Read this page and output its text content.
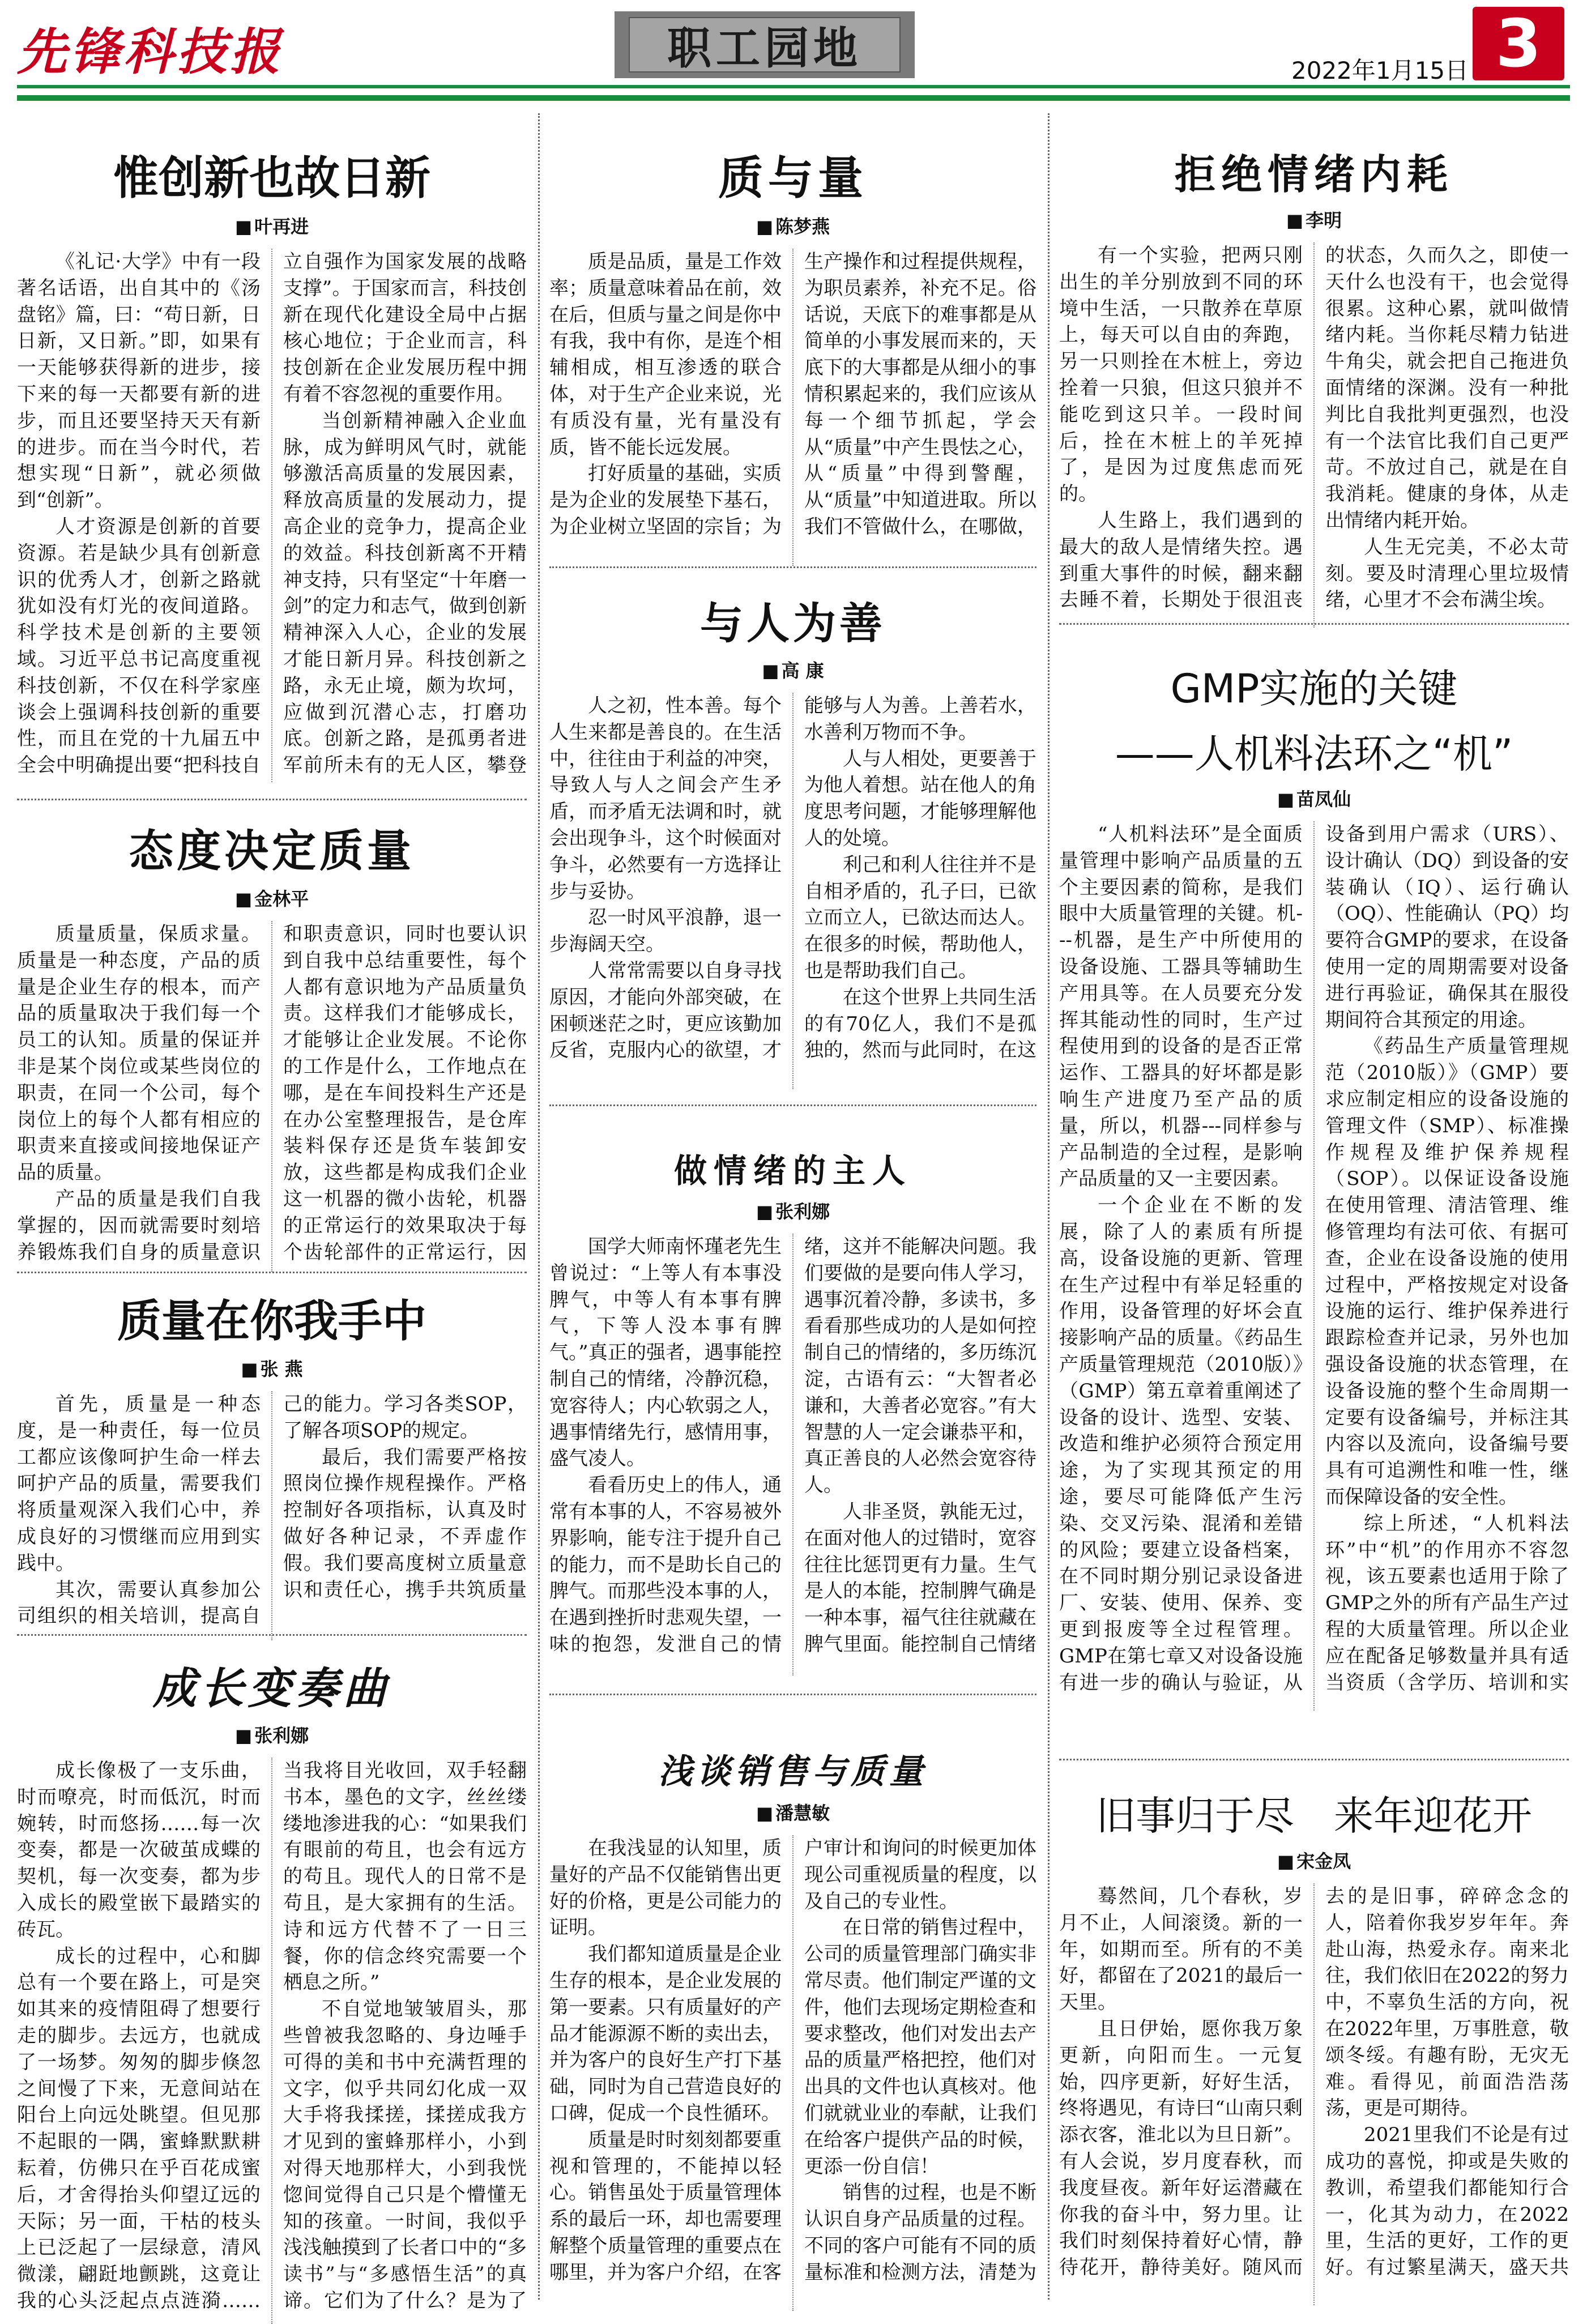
先锋科技报	职工园地	2022年1月15日 3
惟创新也故日新
■ 叶再进

《礼记·大学》中有一段著名话语，出自其中的《汤盘铭》篇，曰：“苟日新，日日新，又日新。”即，如果有一天能够获得新的进步，接下来的每一天都要有新的进步，而且还要坚持天天有新的进步。而在当今时代，若想实现“日新”，就必须做到“创新”。

人才资源是创新的首要资源。若是缺少具有创新意识的优秀人才，创新之路就犹如没有灯光的夜间道路。科学技术是创新的主要领域。习近平总书记高度重视科技创新，不仅在科学家座谈会上强调科技创新的重要性，而且在党的十九届五中全会中明确提出要“把科技自立自强作为国家发展的战略支撑”。于国家而言，科技创新在现代化建设全局中占据核心地位；于企业而言，科技创新在企业发展历程中拥有着不容忽视的重要作用。

当创新精神融入企业血脉，成为鲜明风气时，就能够激活高质量的发展因素，释放高质量的发展动力，提高企业的竞争力，提高企业的效益。科技创新离不开精神支持，只有坚定“十年磨一剑”的定力和志气，做到创新精神深入人心，企业的发展才能日新月异。科技创新之路，永无止境，颇为坎坷，应做到沉潜心志，打磨功底。创新之路，是孤勇者进军前所未有的无人区，攀登

态度决定质量
■ 金林平

质量质量，保质求量。质量是一种态度，产品的质量是企业生存的根本，而产品的质量取决于我们每一个员工的认知。质量的保证并非是某个岗位或某些岗位的职责，在同一个公司，每个岗位上的每个人都有相应的职责来直接或间接地保证产品的质量。

产品的质量是我们自我掌握的，因而就需要时刻培养锻炼我们自身的质量意识和职责意识，同时也要认识到自我中总结重要性，每个人都有意识地为产品质量负责。这样我们才能够成长，才能够让企业发展。不论你的工作是什么，工作地点在哪，是在车间投料生产还是在办公室整理报告，是仓库装料保存还是货车装卸安放，这些都是构成我们企业这一机器的微小齿轮，机器的正常运行的效果取决于每个齿轮部件的正常运行，因

质量在你我手中
■ 张 燕

首先，质量是一种态度，是一种责任，每一位员工都应该像呵护生命一样去呵护产品的质量，需要我们将质量观深入我们心中，养成良好的习惯继而应用到实践中。

其次，需要认真参加公司组织的相关培训，提高自己的能力。学习各类SOP，了解各项SOP的规定。

最后，我们需要严格按照岗位操作规程操作。严格控制好各项指标，认真及时做好各种记录，不弄虚作假。我们要高度树立质量意识和责任心，携手共筑质量

成长变奏曲
■ 张利娜

成长像极了一支乐曲，时而嘹亮，时而低沉，时而婉转，时而悠扬……每一次变奏，都是一次破茧成蝶的契机，每一次变奏，都为步入成长的殿堂嵌下最踏实的砖瓦。

成长的过程中，心和脚总有一个要在路上，可是突如其来的疫情阻碍了想要行走的脚步。去远方，也就成了一场梦。匆匆的脚步倏忽之间慢了下来，无意间站在阳台上向远处眺望。但见那不起眼的一隅，蜜蜂默默耕耘着，仿佛只在乎百花成蜜后，才舍得抬头仰望辽远的天际；另一面，干枯的枝头上已泛起了一层绿意，清风微漾，翩跹地颤跳，这竟让我的心头泛起点点涟漪……当我将目光收回，双手轻翻书本，墨色的文字，丝丝缕缕地渗进我的心：“如果我们有眼前的苟且，也会有远方的苟且。现代人的日常不是苟且，是大家拥有的生活。诗和远方代替不了一日三餐，你的信念终究需要一个栖息之所。”

不自觉地皱皱眉头，那些曾被我忽略的、身边唾手可得的美和书中充满哲理的文字，似乎共同幻化成一双大手将我揉搓，揉搓成我方才见到的蜜蜂那样小，小到对得天地那样大，小到我恍惚间觉得自己只是个懵懂无知的孩童。一时间，我似乎浅浅触摸到了长者口中的“多读书”与“多感悟生活”的真谛。它们为了什么？是为了

质与量
■ 陈梦燕

质是品质，量是工作效率；质量意味着品在前，效在后，但质与量之间是你中有我，我中有你，是连个相辅相成，相互渗透的联合体，对于生产企业来说，光有质没有量，光有量没有质，皆不能长远发展。

打好质量的基础，实质是为企业的发展垫下基石，为企业树立坚固的宗旨；为生产操作和过程提供规程，为职员素养，补充不足。俗话说，天底下的难事都是从简单的小事发展而来的，天底下的大事都是从细小的事情积累起来的，我们应该从每一个细节抓起，学会从“质量”中产生畏怯之心，从“质量”中得到警醒，从“质量”中知道进取。所以我们不管做什么，在哪做，

与人为善
■ 高 康

人之初，性本善。每个人生来都是善良的。在生活中，往往由于利益的冲突，导致人与人之间会产生矛盾，而矛盾无法调和时，就会出现争斗，这个时候面对争斗，必然要有一方选择让步与妥协。

忍一时风平浪静，退一步海阔天空。

人常常需要以自身寻找原因，才能向外部突破，在困顿迷茫之时，更应该勤加反省，克服内心的欲望，才能够与人为善。上善若水，水善利万物而不争。

人与人相处，更要善于为他人着想。站在他人的角度思考问题，才能够理解他人的处境。

利己和利人往往并不是自相矛盾的，孔子曰，已欲立而立人，已欲达而达人。在很多的时候，帮助他人，也是帮助我们自己。

在这个世界上共同生活的有70亿人，我们不是孤独的，然而与此同时，在这

做情绪的主人
■ 张利娜

国学大师南怀瑾老先生曾说过：“上等人有本事没脾气，中等人有本事有脾气，下等人没本事有脾气。”真正的强者，遇事能控制自己的情绪，冷静沉稳，宽容待人；内心软弱之人，遇事情绪先行，感情用事，盛气凌人。

看看历史上的伟人，通常有本事的人，不容易被外界影响，能专注于提升自己的能力，而不是助长自己的脾气。而那些没本事的人，在遇到挫折时悲观失望，一味的抱怨，发泄自己的情绪，这并不能解决问题。我们要做的是要向伟人学习，遇事沉着冷静，多读书，多看看那些成功的人是如何控制自己的情绪的，多历练沉淀，古语有云：“大智者必谦和，大善者必宽容。”有大智慧的人一定会谦恭平和，真正善良的人必然会宽容待人。

人非圣贤，孰能无过，在面对他人的过错时，宽容往往比惩罚更有力量。生气是人的本能，控制脾气确是一种本事，福气往往就藏在脾气里面。能控制自己情绪

浅谈销售与质量
■ 潘慧敏

在我浅显的认知里，质量好的产品不仅能销售出更好的价格，更是公司能力的证明。

我们都知道质量是企业生存的根本，是企业发展的第一要素。只有质量好的产品才能源源不断的卖出去，并为客户的良好生产打下基础，同时为自己营造良好的口碑，促成一个良性循环。

质量是时时刻刻都要重视和管理的，不能掉以轻心。销售虽处于质量管理体系的最后一环，却也需要理解整个质量管理的重要点在哪里，并为客户介绍，在客户审计和询问的时候更加体现公司重视质量的程度，以及自己的专业性。

在日常的销售过程中，公司的质量管理部门确实非常尽责。他们制定严谨的文件，他们去现场定期检查和要求整改，他们对发出去产品的质量严格把控，他们对出具的文件也认真核对。他们就就业业的奉献，让我们在给客户提供产品的时候，更添一份自信！

销售的过程，也是不断认识自身产品质量的过程。不同的客户可能有不同的质量标准和检测方法，清楚为

拒绝情绪内耗
■ 李明

有一个实验，把两只刚出生的羊分别放到不同的环境中生活，一只散养在草原上，每天可以自由的奔跑，另一只则拴在木桩上，旁边拴着一只狼，但这只狼并不能吃到这只羊。一段时间后，拴在木桩上的羊死掉了，是因为过度焦虑而死的。

人生路上，我们遇到的最大的敌人是情绪失控。遇到重大事件的时候，翻来翻去睡不着，长期处于很沮丧的状态，久而久之，即使一天什么也没有干，也会觉得很累。这种心累，就叫做情绪内耗。当你耗尽精力钻进牛角尖，就会把自己拖进负面情绪的深渊。没有一种批判比自我批判更强烈，也没有一个法官比我们自己更严苛。不放过自己，就是在自我消耗。健康的身体，从走出情绪内耗开始。

人生无完美，不必太苛刻。要及时清理心里垃圾情绪，心里才不会布满尘埃。

GMP实施的关键
——人机料法环之“机”
■ 苗凤仙

“人机料法环”是全面质量管理中影响产品质量的五个主要因素的简称，是我们眼中大质量管理的关键。机---机器，是生产中所使用的设备设施、工器具等辅助生产用具等。在人员要充分发挥其能动性的同时，生产过程使用到的设备的是否正常运作、工器具的好坏都是影响生产进度乃至产品的质量，所以，机器---同样参与产品制造的全过程，是影响产品质量的又一主要因素。

一个企业在不断的发展，除了人的素质有所提高，设备设施的更新、管理在生产过程中有举足轻重的作用，设备管理的好坏会直接影响产品的质量。《药品生产质量管理规范（2010版）》（GMP）第五章着重阐述了设备的设计、选型、安装、改造和维护必须符合预定用途，为了实现其预定的用途，要尽可能降低产生污染、交叉污染、混淆和差错的风险；要建立设备档案，在不同时期分别记录设备进厂、安装、使用、保养、变更到报废等全过程管理。GMP在第七章又对设备设施有进一步的确认与验证，从设备到用户需求（URS）、设计确认（DQ）到设备的安装确认（IQ）、运行确认（OQ）、性能确认（PQ）均要符合GMP的要求，在设备使用一定的周期需要对设备进行再验证，确保其在服役期间符合其预定的用途。

《药品生产质量管理规范（2010版）》（GMP）要求应制定相应的设备设施的管理文件（SMP）、标准操作规程及维护保养规程（SOP）。以保证设备设施在使用管理、清洁管理、维修管理均有法可依、有据可查，企业在设备设施的使用过程中，严格按规定对设备设施的运行、维护保养进行跟踪检查并记录，另外也加强设备设施的状态管理，在设备设施的整个生命周期一定要有设备编号，并标注其内容以及流向，设备编号要具有可追溯性和唯一性，继而保障设备的安全性。

综上所述，“人机料法环”中“机”的作用亦不容忽视，该五要素也适用于除了GMP之外的所有产品生产过程的大质量管理。所以企业应在配备足够数量并具有适当资质（含学历、培训和实

旧事归于尽　来年迎花开
■ 宋金凤

蓦然间，几个春秋，岁月不止，人间滚烫。新的一年，如期而至。所有的不美好，都留在了2021的最后一天里。

且日伊始，愿你我万象更新，向阳而生。一元复始，四序更新，好好生活，终将遇见，有诗曰“山南只剩添衣客，淮北以为旦日新”。有人会说，岁月度春秋，而我度昼夜。新年好运潜藏在你我的奋斗中，努力里。让我们时刻保持着好心情，静待花开，静待美好。随风而去的是旧事，碎碎念念的人，陪着你我岁岁年年。奔赴山海，热爱永存。南来北往，我们依旧在2022的努力中，不辜负生活的方向，祝在2022年里，万事胜意，敬颂冬绥。有趣有盼，无灾无难。看得见，前面浩浩荡荡，更是可期待。

2021里我们不论是有过成功的喜悦，抑或是失败的教训，希望我们都能知行合一，化其为动力，在2022里，生活的更好，工作的更好。有过繁星满天，盛天共
